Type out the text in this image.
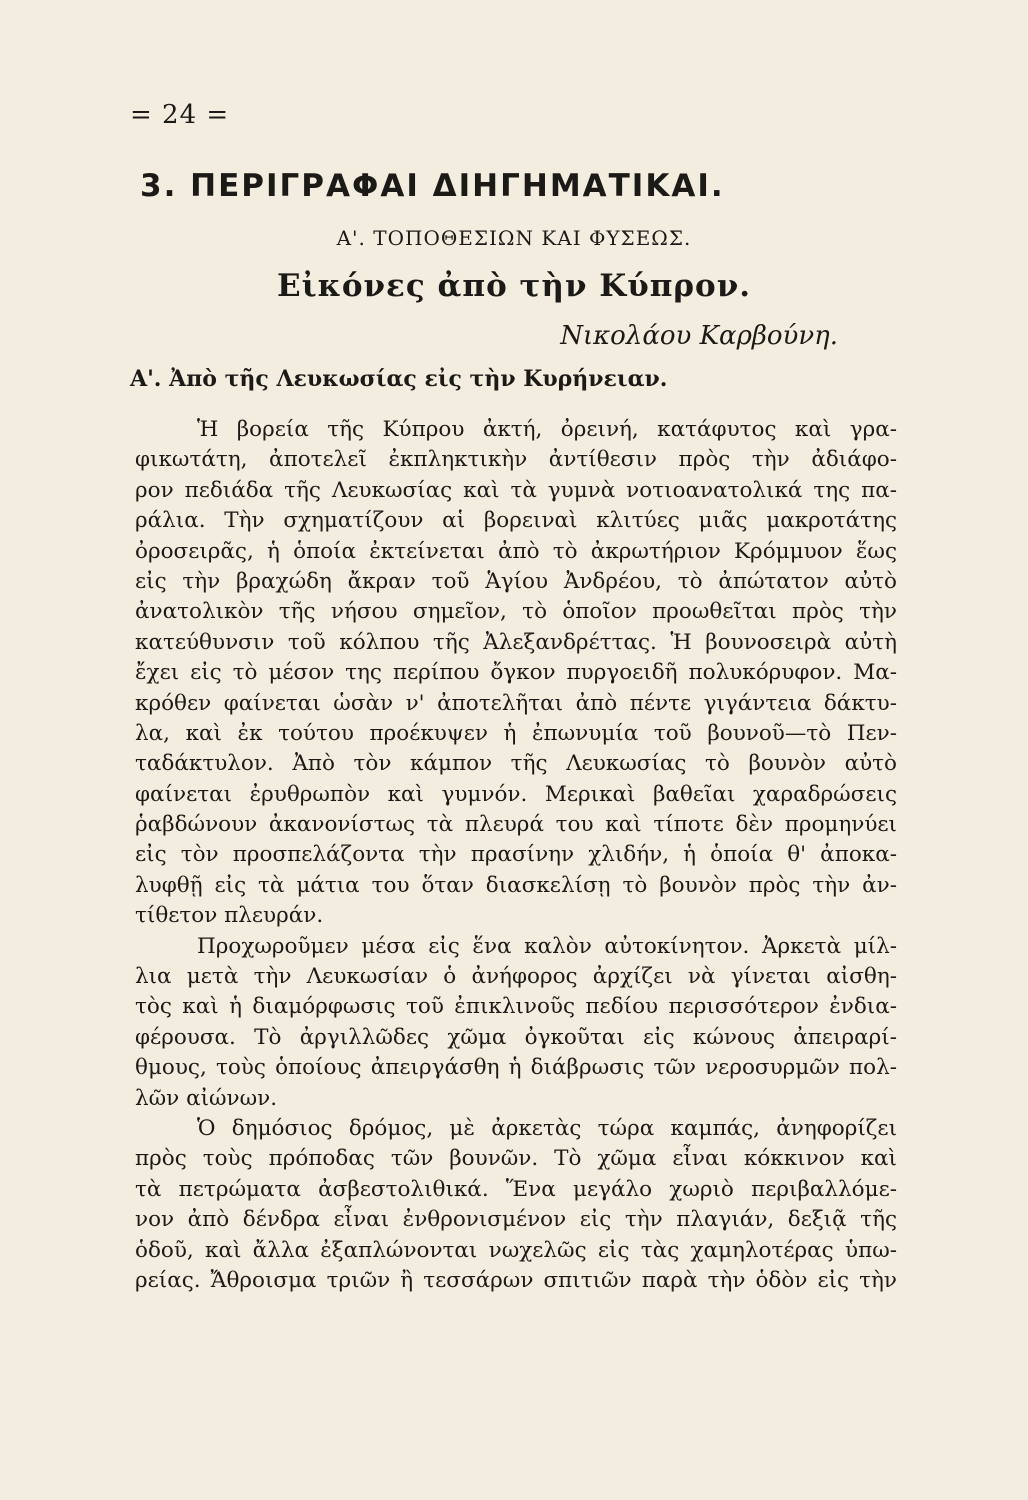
= 24 =
3. ΠΕΡΙΓΡΑΦΑΙ ΔΙΗΓΗΜΑΤΙΚΑΙ.
Α'. ΤΟΠΟΘΕΣΙΩΝ ΚΑΙ ΦΥΣΕΩΣ.
Εἰκόνες ἀπὸ τὴν Κύπρον.
Νικολάου Καρβούνη.
Α'. Ἀπὸ τῆς Λευκωσίας εἰς τὴν Κυρήνειαν.
Ἡ βορεία τῆς Κύπρου ἀκτή, ὀρεινή, κατάφυτος καὶ γρα-
φικωτάτη, ἀποτελεῖ ἐκπληκτικὴν ἀντίθεσιν πρὸς τὴν ἀδιάφο-
ρον πεδιάδα τῆς Λευκωσίας καὶ τὰ γυμνὰ νοτιοανατολικά της πα-
ράλια. Τὴν σχηματίζουν αἱ βορειναὶ κλιτύες μιᾶς μακροτάτης
ὀροσειρᾶς, ἡ ὁποία ἐκτείνεται ἀπὸ τὸ ἀκρωτήριον Κρόμμυον ἕως
εἰς τὴν βραχώδη ἄκραν τοῦ Ἁγίου Ἀνδρέου, τὸ ἀπώτατον αὐτὸ
ἀνατολικὸν τῆς νήσου σημεῖον, τὸ ὁποῖον προωθεῖται πρὸς τὴν
κατεύθυνσιν τοῦ κόλπου τῆς Ἀλεξανδρέττας. Ἡ βουνοσειρὰ αὐτὴ
ἔχει εἰς τὸ μέσον της περίπου ὄγκον πυργοειδῆ πολυκόρυφον. Μα-
κρόθεν φαίνεται ὡσὰν ν' ἀποτελῆται ἀπὸ πέντε γιγάντεια δάκτυ-
λα, καὶ ἐκ τούτου προέκυψεν ἡ ἐπωνυμία τοῦ βουνοῦ—τὸ Πεν-
ταδάκτυλον. Ἀπὸ τὸν κάμπον τῆς Λευκωσίας τὸ βουνὸν αὐτὸ
φαίνεται ἐρυθρωπὸν καὶ γυμνόν. Μερικαὶ βαθεῖαι χαραδρώσεις
ῥαβδώνουν ἀκανονίστως τὰ πλευρά του καὶ τίποτε δὲν προμηνύει
εἰς τὸν προσπελάζοντα τὴν πρασίνην χλιδήν, ἡ ὁποία θ' ἀποκα-
λυφθῇ εἰς τὰ μάτια του ὅταν διασκελίσῃ τὸ βουνὸν πρὸς τὴν ἀν-
τίθετον πλευράν.
Προχωροῦμεν μέσα εἰς ἕνα καλὸν αὐτοκίνητον. Ἀρκετὰ μίλ-
λια μετὰ τὴν Λευκωσίαν ὁ ἀνήφορος ἀρχίζει νὰ γίνεται αἰσθη-
τὸς καὶ ἡ διαμόρφωσις τοῦ ἐπικλινοῦς πεδίου περισσότερον ἐνδια-
φέρουσα. Τὸ ἀργιλλῶδες χῶμα ὀγκοῦται εἰς κώνους ἀπειραρί-
θμους, τοὺς ὁποίους ἀπειργάσθη ἡ διάβρωσις τῶν νεροσυρμῶν πολ-
λῶν αἰώνων.
Ὁ δημόσιος δρόμος, μὲ ἀρκετὰς τώρα καμπάς, ἀνηφορίζει
πρὸς τοὺς πρόποδας τῶν βουνῶν. Τὸ χῶμα εἶναι κόκκινον καὶ
τὰ πετρώματα ἀσβεστολιθικά. Ἕνα μεγάλο χωριὸ περιβαλλόμε-
νον ἀπὸ δένδρα εἶναι ἐνθρονισμένον εἰς τὴν πλαγιάν, δεξιᾷ τῆς
ὁδοῦ, καὶ ἄλλα ἐξαπλώνονται νωχελῶς εἰς τὰς χαμηλοτέρας ὑπω-
ρείας. Ἄθροισμα τριῶν ἢ τεσσάρων σπιτιῶν παρὰ τὴν ὁδὸν εἰς τὴν
